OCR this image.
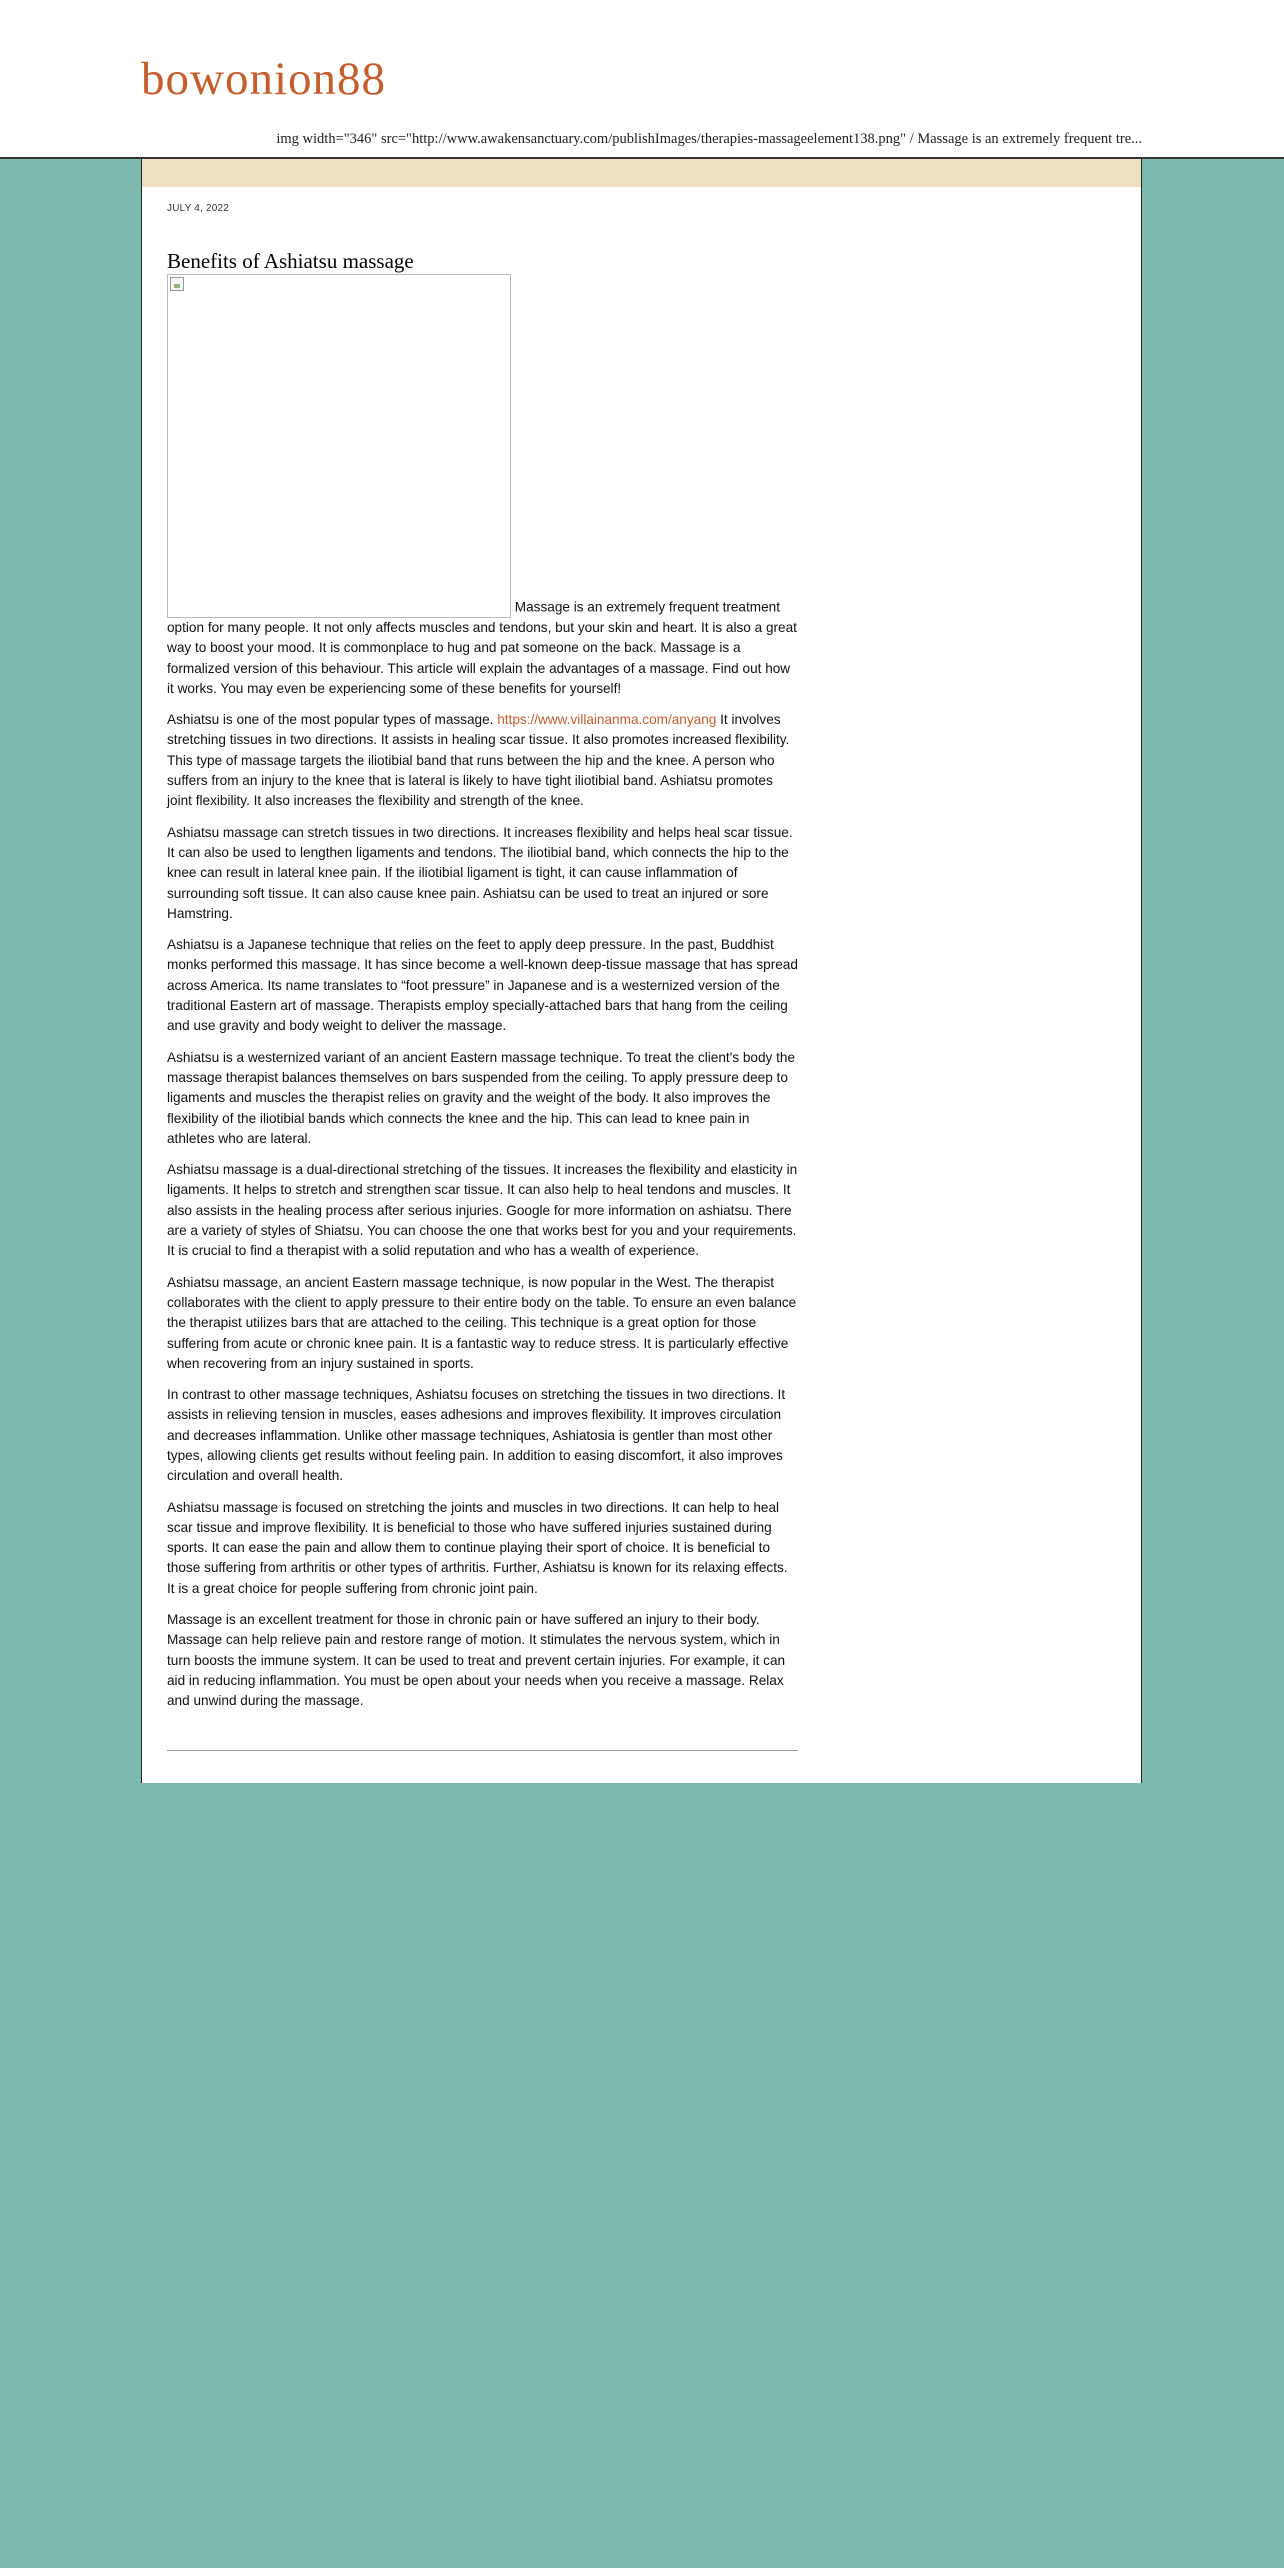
bowonion88
img width="346" src="http://www.awakensanctuary.com/publishImages/therapies-massageelement138.png" / Massage is an extremely frequent tre...
JULY 4, 2022
Benefits of Ashiatsu massage

Massage is an extremely frequent treatment option for many people. It not only affects muscles and tendons, but your skin and heart. It is also a great way to boost your mood. It is commonplace to hug and pat someone on the back. Massage is a formalized version of this behaviour. This article will explain the advantages of a massage. Find out how it works. You may even be experiencing some of these benefits for yourself!

Ashiatsu is one of the most popular types of massage. https://www.villainanma.com/anyang It involves stretching tissues in two directions. It assists in healing scar tissue. It also promotes increased flexibility. This type of massage targets the iliotibial band that runs between the hip and the knee. A person who suffers from an injury to the knee that is lateral is likely to have tight iliotibial band. Ashiatsu promotes joint flexibility. It also increases the flexibility and strength of the knee.

Ashiatsu massage can stretch tissues in two directions. It increases flexibility and helps heal scar tissue. It can also be used to lengthen ligaments and tendons. The iliotibial band, which connects the hip to the knee can result in lateral knee pain. If the iliotibial ligament is tight, it can cause inflammation of surrounding soft tissue. It can also cause knee pain. Ashiatsu can be used to treat an injured or sore Hamstring.

Ashiatsu is a Japanese technique that relies on the feet to apply deep pressure. In the past, Buddhist monks performed this massage. It has since become a well-known deep-tissue massage that has spread across America. Its name translates to “foot pressure” in Japanese and is a westernized version of the traditional Eastern art of massage. Therapists employ specially-attached bars that hang from the ceiling and use gravity and body weight to deliver the massage.

Ashiatsu is a westernized variant of an ancient Eastern massage technique. To treat the client's body the massage therapist balances themselves on bars suspended from the ceiling. To apply pressure deep to ligaments and muscles the therapist relies on gravity and the weight of the body. It also improves the flexibility of the iliotibial bands which connects the knee and the hip. This can lead to knee pain in athletes who are lateral.

Ashiatsu massage is a dual-directional stretching of the tissues. It increases the flexibility and elasticity in ligaments. It helps to stretch and strengthen scar tissue. It can also help to heal tendons and muscles. It also assists in the healing process after serious injuries. Google for more information on ashiatsu. There are a variety of styles of Shiatsu. You can choose the one that works best for you and your requirements. It is crucial to find a therapist with a solid reputation and who has a wealth of experience.

Ashiatsu massage, an ancient Eastern massage technique, is now popular in the West. The therapist collaborates with the client to apply pressure to their entire body on the table. To ensure an even balance the therapist utilizes bars that are attached to the ceiling. This technique is a great option for those suffering from acute or chronic knee pain. It is a fantastic way to reduce stress. It is particularly effective when recovering from an injury sustained in sports.

In contrast to other massage techniques, Ashiatsu focuses on stretching the tissues in two directions. It assists in relieving tension in muscles, eases adhesions and improves flexibility. It improves circulation and decreases inflammation. Unlike other massage techniques, Ashiatosia is gentler than most other types, allowing clients get results without feeling pain. In addition to easing discomfort, it also improves circulation and overall health.

Ashiatsu massage is focused on stretching the joints and muscles in two directions. It can help to heal scar tissue and improve flexibility. It is beneficial to those who have suffered injuries sustained during sports. It can ease the pain and allow them to continue playing their sport of choice. It is beneficial to those suffering from arthritis or other types of arthritis. Further, Ashiatsu is known for its relaxing effects. It is a great choice for people suffering from chronic joint pain.

Massage is an excellent treatment for those in chronic pain or have suffered an injury to their body. Massage can help relieve pain and restore range of motion. It stimulates the nervous system, which in turn boosts the immune system. It can be used to treat and prevent certain injuries. For example, it can aid in reducing inflammation. You must be open about your needs when you receive a massage. Relax and unwind during the massage.
